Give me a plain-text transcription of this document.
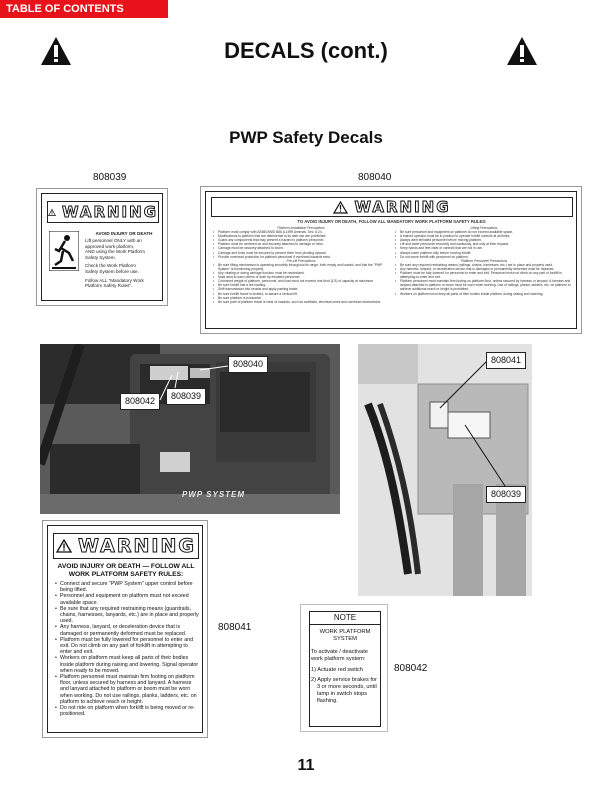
TABLE OF CONTENTS
DECALS (cont.)
PWP Safety Decals
808039	808040
WARNING
AVOID INJURY OR DEATH
Lift personnel ONLY with an
approved work platform,
AND using the Work Platform
Safety System.
Check the Work Platform
Safety System before use.
Follow ALL "Mandatory Work
Platform Safety Rules".
WARNING
TO AVOID INJURY OR DEATH, FOLLOW ALL MANDATORY WORK PLATFORM SAFETY RULES:
Platform Installation Precautions
• Platform must comply with ASME/ANSI B56.6-1999 Amends. Sec. 8.24.
• Modifications to platform that are detrimental to its safe use are prohibited.
• Guard any components that may present a hazard to platform personnel.
• Platform must be centered on and securely attached to carriage or forks.
• Carriage must be securely attached to boom.
• Carriage and forks must be secured to prevent them from pivoting upward.
• Provide overhead protection for platform personnel if overhead hazards exist.
Pre-Lift Precautions
• Be sure tilting mechanism is operating smoothly throughout its range, both empty and loaded, and that the "PWP System" is functioning properly.
• Any rotating or swing carriage function must be neutralized.
• Mark area to warn others of work by elevated personnel.
• Combined weight of platform, personnel, and load must not exceed one-third (1/3) of capacity at maximum.
• Be sure forklift has a tire loading.
• Shift transmission into neutral and apply parking brake.
• Be sure forklift frame is leveled, to assure a vertical lift.
• Be sure platform is horizontal.
• Be sure path of platform travel is clear of hazards, such as scaffolds, electrical wires and overhead obstructions.
Lifting Precautions
• Be sure personnel and equipment on platform do not exceed available space.
• A trained operator must be in position to operate forklift controls at all times.
• Always alert elevated personnel before moving platform.
• Lift and lower personnel smoothly and cautiously, and only at their request.
• Keep hands and feet clear of controls that are not in use.
• Always lower platform fully before moving forklift.
• Do not move forklift with personnel on platform.
Platform Personnel Precautions
• Be sure any required restraining means (railings, chains, harnesses, etc.) are in place and properly used.
• Any harness, lanyard, or deceleration device that is damaged or permanently deformed must be replaced.
• Platform must be fully lowered for personnel to enter and exit. Personnel must not climb on any part of forklift in attempting to enter and exit.
• Platform personnel must maintain firm footing on platform floor, unless secured by harness or lanyard. A harness and lanyard attached to platform or boom must be worn when working. Use of railings, planks, ladders, etc. on platform to achieve additional reach or height is prohibited.
• Workers on platform must keep all parts of their bodies inside platform during raising and lowering.
PWP SYSTEM
808040
808039
808042
808041
808039
WARNING
AVOID INJURY OR DEATH — FOLLOW ALL WORK PLATFORM SAFETY RULES:
• Connect and secure "PWP System" upper control before being lifted.
• Personnel and equipment on platform must not exceed available space.
• Be sure that any required restraining means (guardrails, chains, harnesses, lanyards, etc.) are in place and properly used.
• Any harness, lanyard, or deceleration device that is damaged or permanently deformed must be replaced.
• Platform must be fully lowered for personnel to enter and exit. Do not climb on any part of forklift in attempting to enter and exit.
• Workers on platform must keep all parts of their bodies inside platform during raising and lowering. Signal operator when ready to be moved.
• Platform personnel must maintain firm footing on platform floor, unless secured by harness and lanyard. A harness and lanyard attached to platform or boom must be worn when working. Do not use railings, planks, ladders, etc. on platform to achieve reach or height.
• Do not ride on platform when forklift is being moved or re-positioned.
808041
NOTE
WORK PLATFORM
SYSTEM
To activate / deactivate work platform system:
1) Actuate red switch
2) Apply service brakes for 3 or more seconds, until lamp in switch stops flashing.
808042
11
